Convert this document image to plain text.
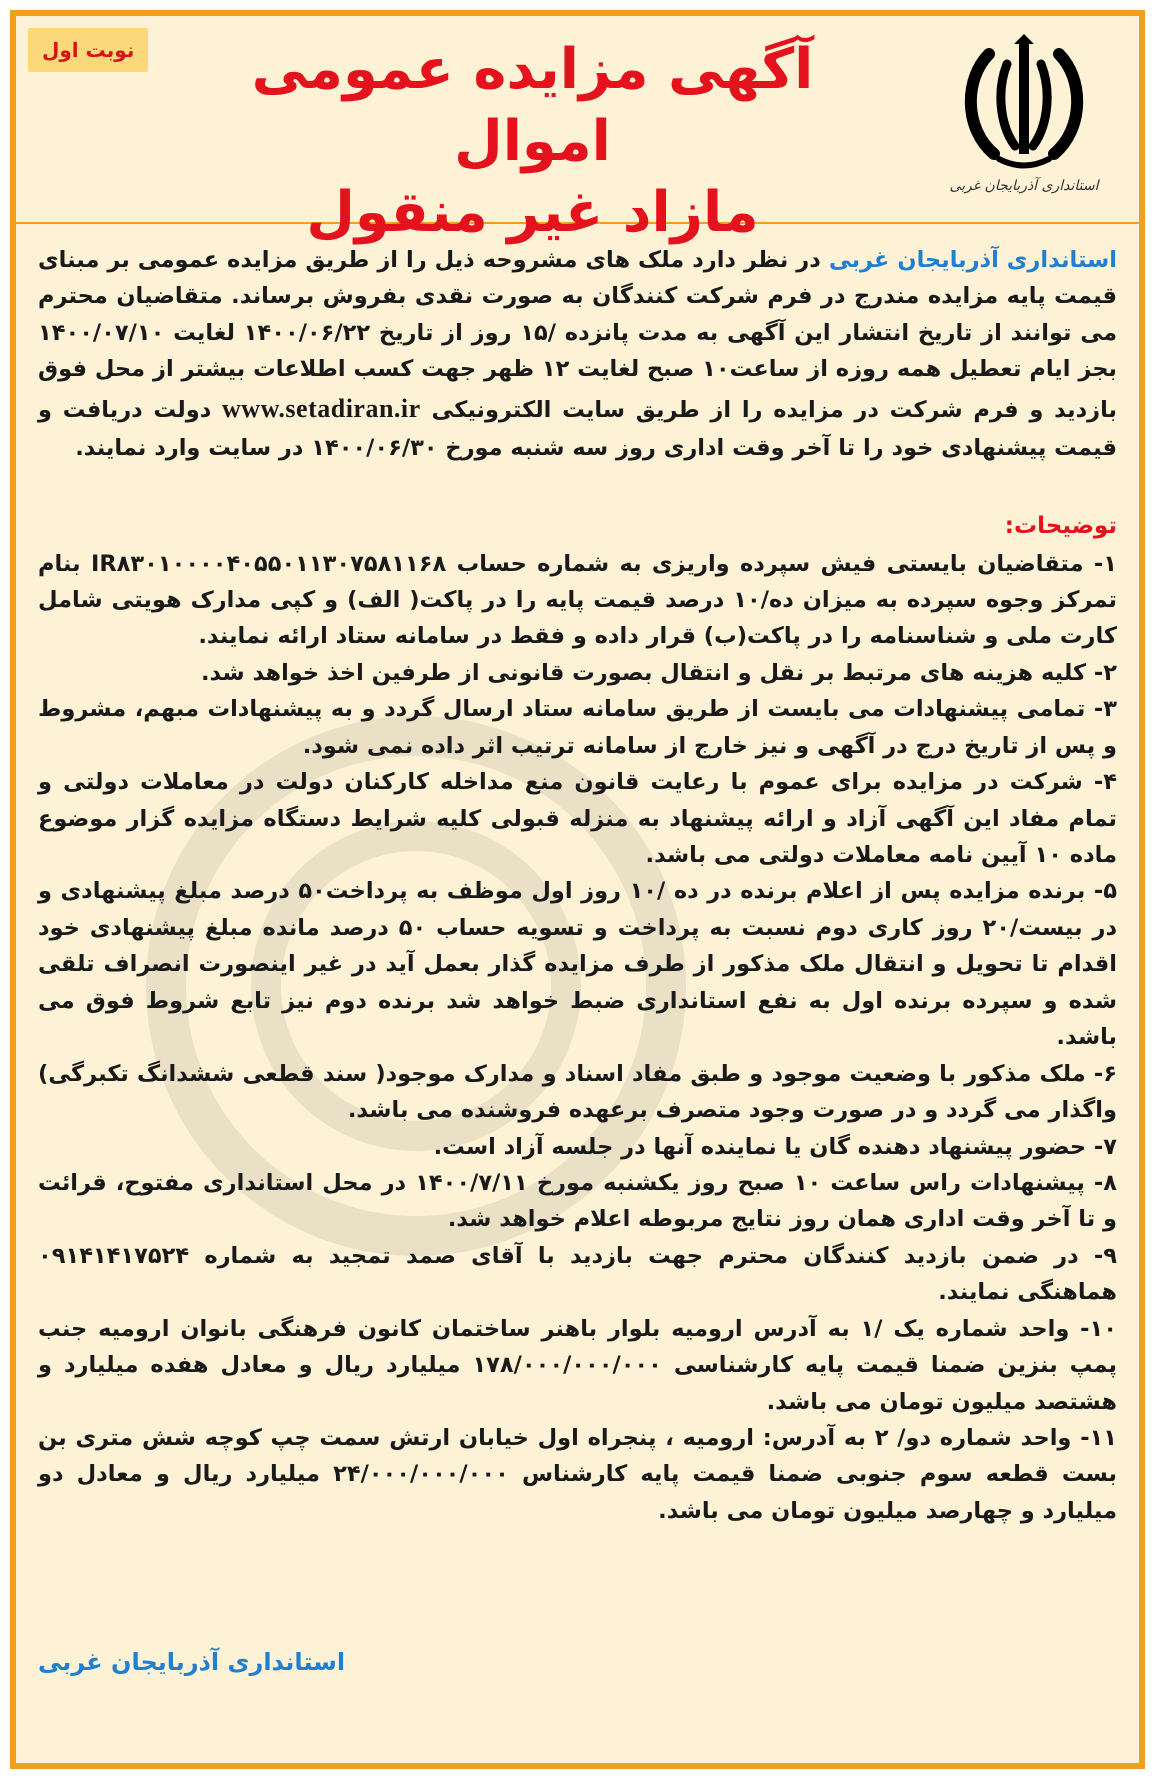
نوبت اول	آگهی مزایده عمومی اموال
مازاد غیر منقول	استانداری آذربایجان غربی

استانداری آذربایجان غربی در نظر دارد ملک های مشروحه ذیل را از طریق مزایده عمومی بر مبنای قیمت پایه مزایده مندرج در فرم شرکت کنندگان به صورت نقدی بفروش برساند. متقاضیان محترم می توانند از تاریخ انتشار این آگهی به مدت پانزده /۱۵ روز از تاریخ ۱۴۰۰/۰۶/۲۲ لغایت ۱۴۰۰/۰۷/۱۰ بجز ایام تعطیل همه روزه از ساعت۱۰ صبح لغایت ۱۲ ظهر جهت کسب اطلاعات بیشتر از محل فوق بازدید و فرم شرکت در مزایده را از طریق سایت الکترونیکی www.setadiran.ir دولت دریافت و قیمت پیشنهادی خود را تا آخر وقت اداری روز سه شنبه مورخ ۱۴۰۰/۰۶/۳۰ در سایت وارد نمایند.

توضیحات:

۱- متقاضیان بایستی فیش سپرده واریزی به شماره حساب IR۸۳۰۱۰۰۰۰۴۰۵۵۰۱۱۳۰۷۵۸۱۱۶۸ بنام تمرکز وجوه سپرده به میزان ده/۱۰ درصد قیمت پایه را در پاکت( الف) و کپی مدارک هویتی شامل کارت ملی و شناسنامه را در پاکت(ب) قرار داده و فقط در سامانه ستاد ارائه نمایند.
۲- کلیه هزینه های مرتبط بر نقل و انتقال بصورت قانونی از طرفین اخذ خواهد شد.
۳- تمامی پیشنهادات می بایست از طریق سامانه ستاد ارسال گردد و به پیشنهادات مبهم، مشروط و پس از تاریخ درج در آگهی و نیز خارج از سامانه ترتیب اثر داده نمی شود.
۴- شرکت در مزایده برای عموم با رعایت قانون منع مداخله کارکنان دولت در معاملات دولتی و تمام مفاد این آگهی آزاد و ارائه پیشنهاد به منزله قبولی کلیه شرایط دستگاه مزایده گزار موضوع ماده ۱۰ آیین نامه معاملات دولتی می باشد.
۵- برنده مزایده پس از اعلام برنده در ده /۱۰ روز اول موظف به پرداخت۵۰ درصد مبلغ پیشنهادی و در بیست/۲۰ روز کاری دوم نسبت به پرداخت و تسویه حساب ۵۰ درصد مانده مبلغ پیشنهادی خود اقدام تا تحویل و انتقال ملک مذکور از طرف مزایده گذار بعمل آید در غیر اینصورت انصراف تلقی شده و سپرده برنده اول به نفع استانداری ضبط خواهد شد برنده دوم نیز تابع شروط فوق می باشد.
۶- ملک مذکور با وضعیت موجود و طبق مفاد اسناد و مدارک موجود( سند قطعی ششدانگ تکبرگی) واگذار می گردد و در صورت وجود متصرف برعهده فروشنده می باشد.
۷- حضور پیشنهاد دهنده گان یا نماینده آنها در جلسه آزاد است.
۸- پیشنهادات راس ساعت ۱۰ صبح روز یکشنبه مورخ ۱۴۰۰/۷/۱۱ در محل استانداری مفتوح، قرائت و تا آخر وقت اداری همان روز نتایج مربوطه اعلام خواهد شد.
۹- در ضمن بازدید کنندگان محترم جهت بازدید با آقای صمد تمجید به شماره ۰۹۱۴۱۴۱۷۵۲۴ هماهنگی نمایند.
۱۰- واحد شماره یک /۱ به آدرس ارومیه بلوار باهنر ساختمان کانون فرهنگی بانوان ارومیه جنب پمپ بنزین ضمنا قیمت پایه کارشناسی ۱۷۸/۰۰۰/۰۰۰/۰۰۰ میلیارد ریال و معادل هفده میلیارد و هشتصد میلیون تومان می باشد.
۱۱- واحد شماره دو/ ۲ به آدرس: ارومیه ، پنجراه اول خیابان ارتش سمت چپ کوچه شش متری بن بست قطعه سوم جنوبی ضمنا قیمت پایه کارشناس ۲۴/۰۰۰/۰۰۰/۰۰۰ میلیارد ریال و معادل دو میلیارد و چهارصد میلیون تومان می باشد.
استانداری آذربایجان غربی
